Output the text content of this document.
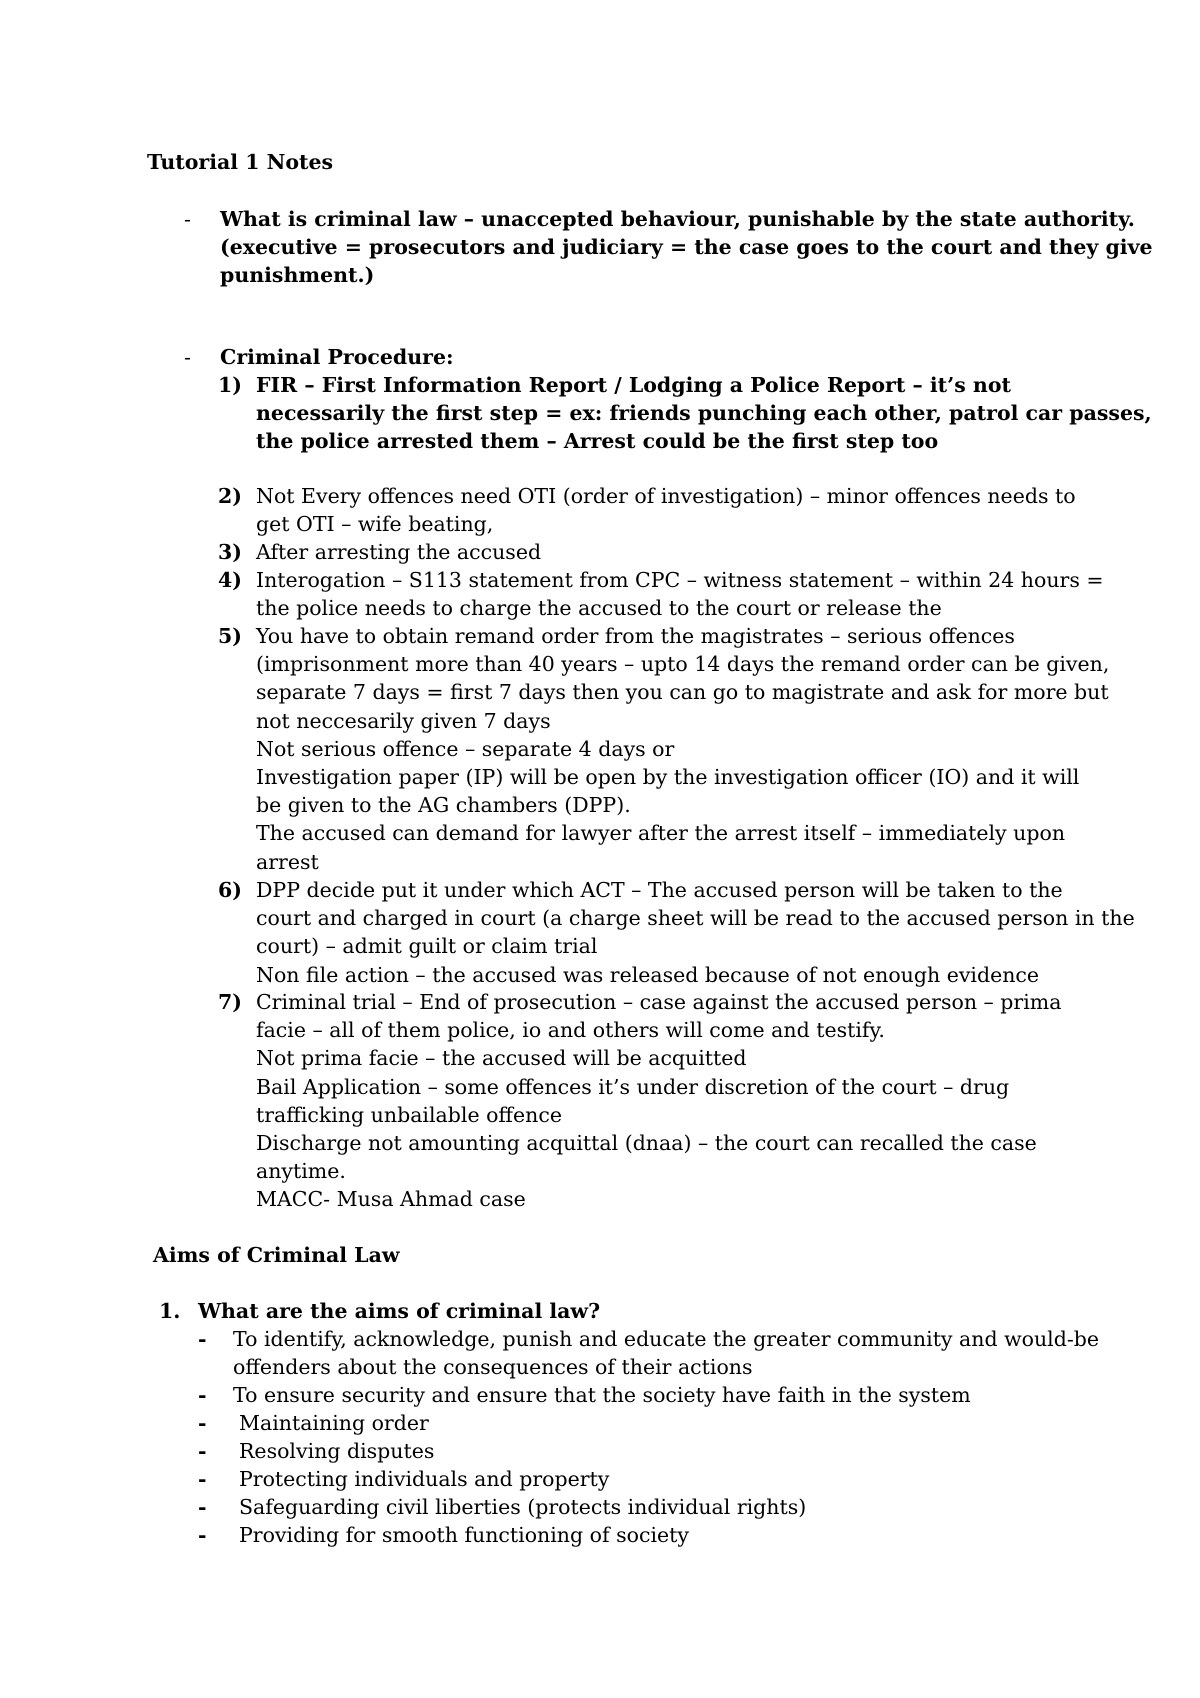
Tutorial 1 Notes
- What is criminal law – unaccepted behaviour, punishable by the state authority.
(executive = prosecutors and judiciary = the case goes to the court and they give
punishment.)
- Criminal Procedure:
1) FIR – First Information Report / Lodging a Police Report – it’s not
necessarily the first step = ex: friends punching each other, patrol car passes,
the police arrested them – Arrest could be the first step too
2) Not Every offences need OTI (order of investigation) – minor offences needs to
get OTI – wife beating,
3) After arresting the accused
4) Interogation – S113 statement from CPC – witness statement – within 24 hours =
the police needs to charge the accused to the court or release the
5) You have to obtain remand order from the magistrates – serious offences
(imprisonment more than 40 years – upto 14 days the remand order can be given,
separate 7 days = first 7 days then you can go to magistrate and ask for more but
not neccesarily given 7 days
Not serious offence – separate 4 days or
Investigation paper (IP) will be open by the investigation officer (IO) and it will
be given to the AG chambers (DPP).
The accused can demand for lawyer after the arrest itself – immediately upon
arrest
6) DPP decide put it under which ACT – The accused person will be taken to the
court and charged in court (a charge sheet will be read to the accused person in the
court) – admit guilt or claim trial
Non file action – the accused was released because of not enough evidence
7) Criminal trial – End of prosecution – case against the accused person – prima
facie – all of them police, io and others will come and testify.
Not prima facie – the accused will be acquitted
Bail Application – some offences it’s under discretion of the court – drug
trafficking unbailable offence
Discharge not amounting acquittal (dnaa) – the court can recalled the case
anytime.
MACC- Musa Ahmad case
Aims of Criminal Law
1. What are the aims of criminal law?
- To identify, acknowledge, punish and educate the greater community and would-be
offenders about the consequences of their actions
- To ensure security and ensure that the society have faith in the system
- Maintaining order
- Resolving disputes
- Protecting individuals and property
- Safeguarding civil liberties (protects individual rights)
- Providing for smooth functioning of society
